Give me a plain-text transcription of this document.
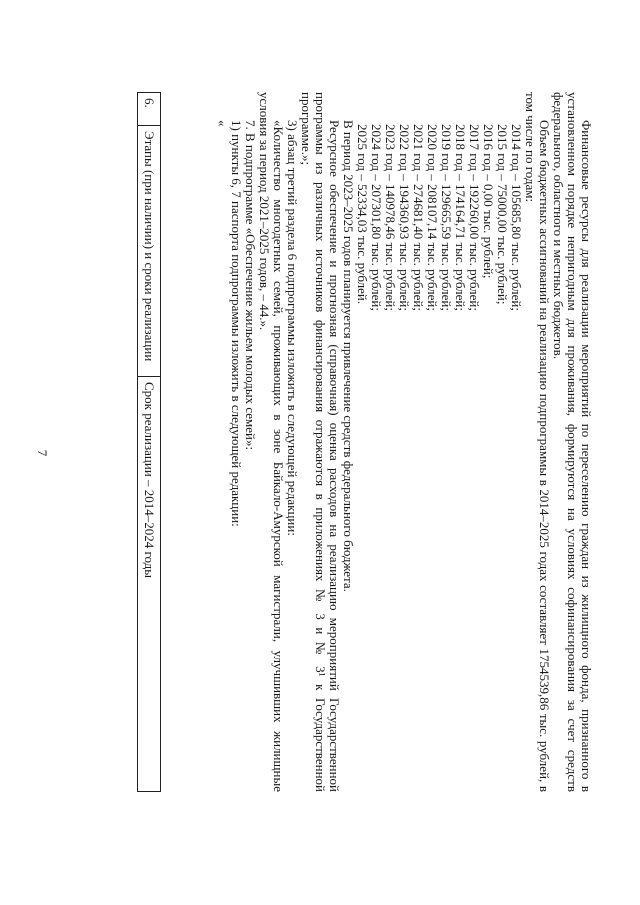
7	Финансовые ресурсы для реализации мероприятий по переселению граждан из жилищного фонда, признанного в установленном порядке непригодным для проживания, формируются на условиях софинансирования за счет средств федерального, областного и местных бюджетов.

Объем бюджетных ассигнований на реализацию подпрограммы в 2014–2025 годах составляет 1754539,86 тыс. рублей, в том числе по годам:

2014 год – 105685,80 тыс. рублей;
2015 год – 75000,00 тыс. рублей;
2016 год – 0,00 тыс. рублей;
2017 год – 192260,00 тыс. рублей;
2018 год – 174164,71 тыс. рублей;
2019 год – 129665,59 тыс. рублей;
2020 год – 208107,14 тыс. рублей;
2021 год – 274681,40 тыс. рублей;
2022 год – 194360,93 тыс. рублей;
2023 год – 140978,46 тыс. рублей;
2024 год – 207301,80 тыс. рублей;
2025 год – 52334,03 тыс. рублей.

В период 2023–2025 годов планируется привлечение средств федерального бюджета.

Ресурсное обеспечение и прогнозная (справочная) оценка расходов на реализацию мероприятий Государственной программы из различных источников финансирования отражаются в приложениях № 3 и № 3¹ к Государственной программе.»;

3) абзац третий раздела 6 подпрограммы изложить в следующей редакции:

«Количество многодетных семей, проживающих в зоне Байкало-Амурской магистрали, улучшивших жилищные условия за период 2021–2025 годов, – 44.».

7. В подпрограмме «Обеспечение жильем молодых семей»:

1) пункты 6, 7 паспорта подпрограммы изложить в следующей редакции:

«

6.	Этапы (при наличии) и сроки реализации	Срок реализации – 2014–2024 годы
